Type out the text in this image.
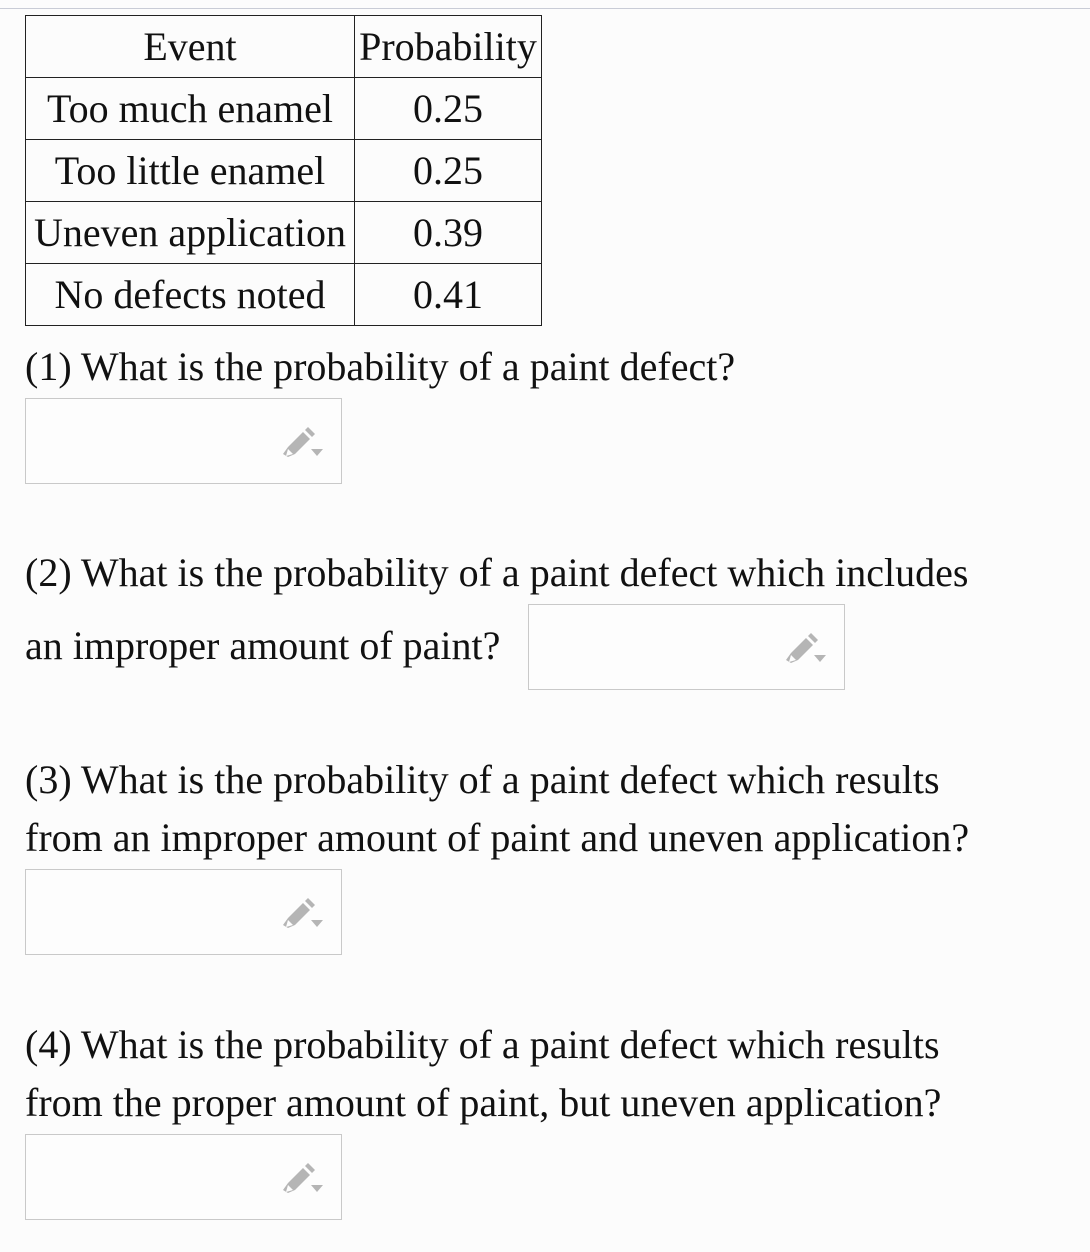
Event	Probability
Too much enamel	0.25
Too little enamel	0.25
Uneven application	0.39
No defects noted	0.41
(1) What is the probability of a paint defect?
(2) What is the probability of a paint defect which includes
an improper amount of paint?
(3) What is the probability of a paint defect which results
from an improper amount of paint and uneven application?
(4) What is the probability of a paint defect which results
from the proper amount of paint, but uneven application?
